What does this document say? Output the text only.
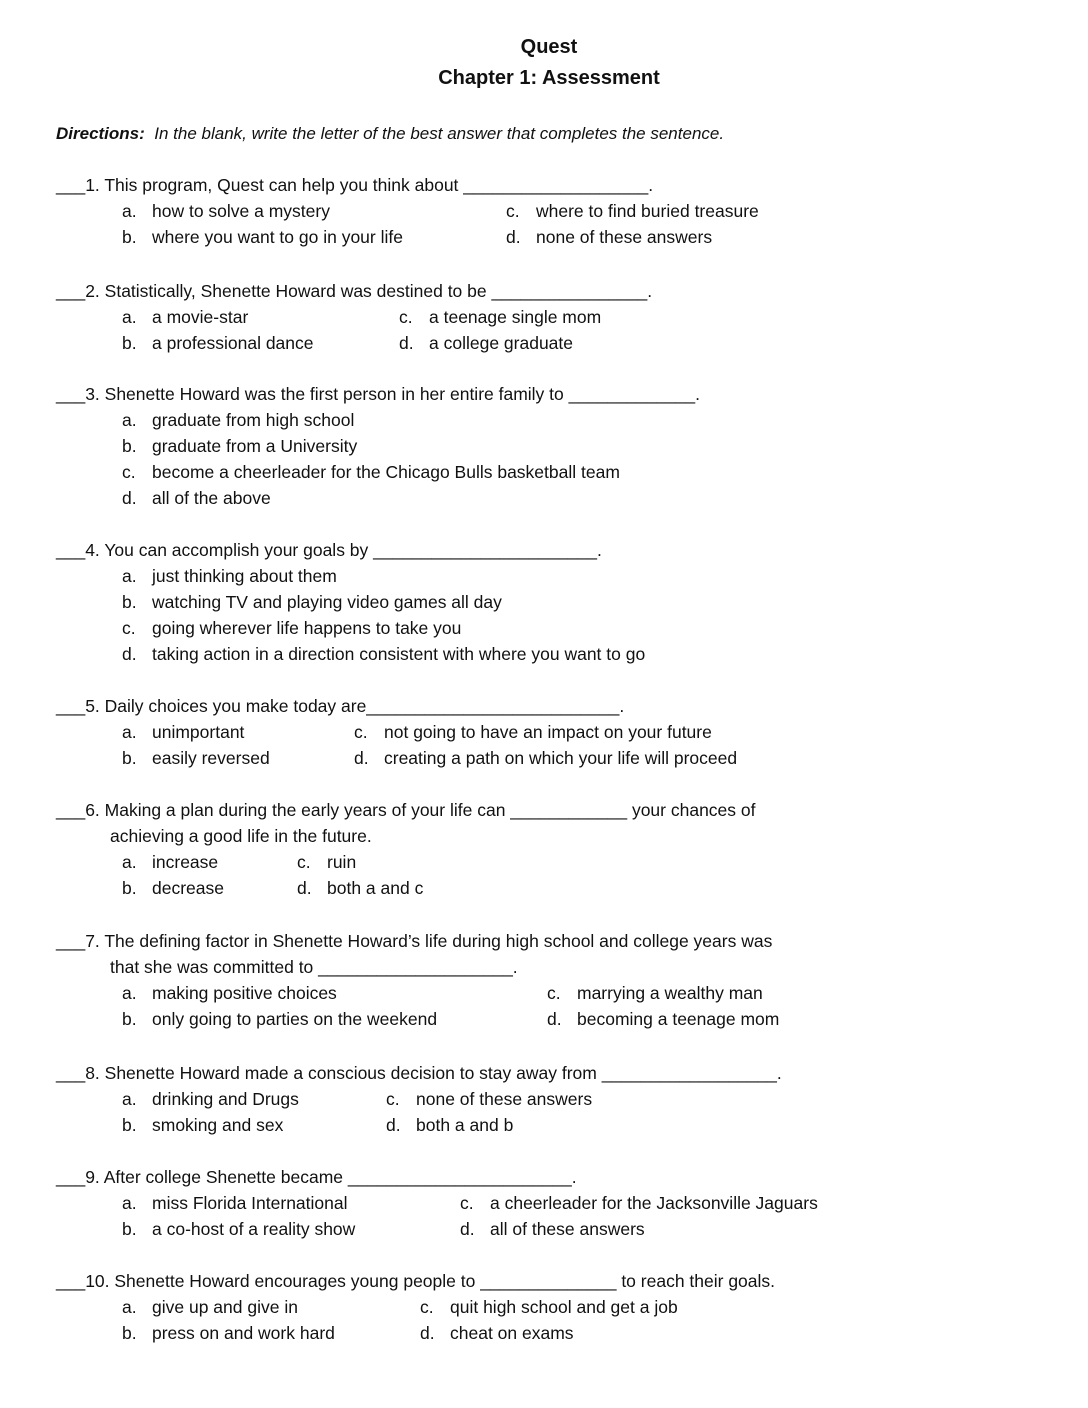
Quest
Chapter 1: Assessment
Directions: In the blank, write the letter of the best answer that completes the sentence.
___1. This program, Quest can help you think about ___________________.
a. how to solve a mystery	c. where to find buried treasure
b. where you want to go in your life	d. none of these answers
___2. Statistically, Shenette Howard was destined to be ________________.
a. a movie-star	c. a teenage single mom
b. a professional dance	d. a college graduate
___3. Shenette Howard was the first person in her entire family to _____________.
a. graduate from high school
b. graduate from a University
c. become a cheerleader for the Chicago Bulls basketball team
d. all of the above
___4. You can accomplish your goals by _______________________.
a. just thinking about them
b. watching TV and playing video games all day
c. going wherever life happens to take you
d. taking action in a direction consistent with where you want to go
___5. Daily choices you make today are__________________________.
a. unimportant	c. not going to have an impact on your future
b. easily reversed	d. creating a path on which your life will proceed
___6. Making a plan during the early years of your life can ____________ your chances of
achieving a good life in the future.
a. increase	c. ruin
b. decrease	d. both a and c
___7. The defining factor in Shenette Howard’s life during high school and college years was
that she was committed to ____________________.
a. making positive choices	c. marrying a wealthy man
b. only going to parties on the weekend	d. becoming a teenage mom
___8. Shenette Howard made a conscious decision to stay away from __________________.
a. drinking and Drugs	c. none of these answers
b. smoking and sex	d. both a and b
___9. After college Shenette became _______________________.
a. miss Florida International	c. a cheerleader for the Jacksonville Jaguars
b. a co-host of a reality show	d. all of these answers
___10. Shenette Howard encourages young people to ______________ to reach their goals.
a. give up and give in	c. quit high school and get a job
b. press on and work hard	d. cheat on exams
